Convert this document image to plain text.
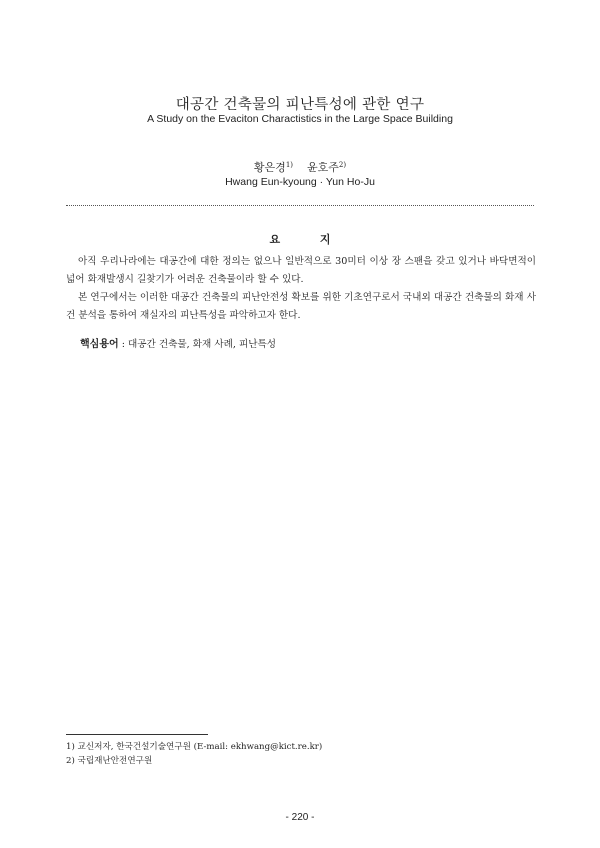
대공간 건축물의 피난특성에 관한 연구
A Study on the Evaciton Charactistics in the Large Space Building
황은경$^{1)}$ 윤호주$^{2)}$
Hwang Eun-kyoung · Yun Ho-Ju
요 지

아직 우리나라에는 대공간에 대한 정의는 없으나 일반적으로 30미터 이상 장 스팬을 갖고 있거나 바닥면적이 넓어 화재발생시 길찾기가 어려운 건축물이라 할 수 있다.

본 연구에서는 이러한 대공간 건축물의 피난안전성 확보를 위한 기초연구로서 국내외 대공간 건축물의 화재 사건 분석을 통하여 재실자의 피난특성을 파악하고자 한다.

핵심용어 : 대공간 건축물, 화재 사례, 피난특성
1) 교신저자, 한국건설기술연구원 (E-mail: ekhwang@kict.re.kr)
2) 국립재난안전연구원
- 220 -
